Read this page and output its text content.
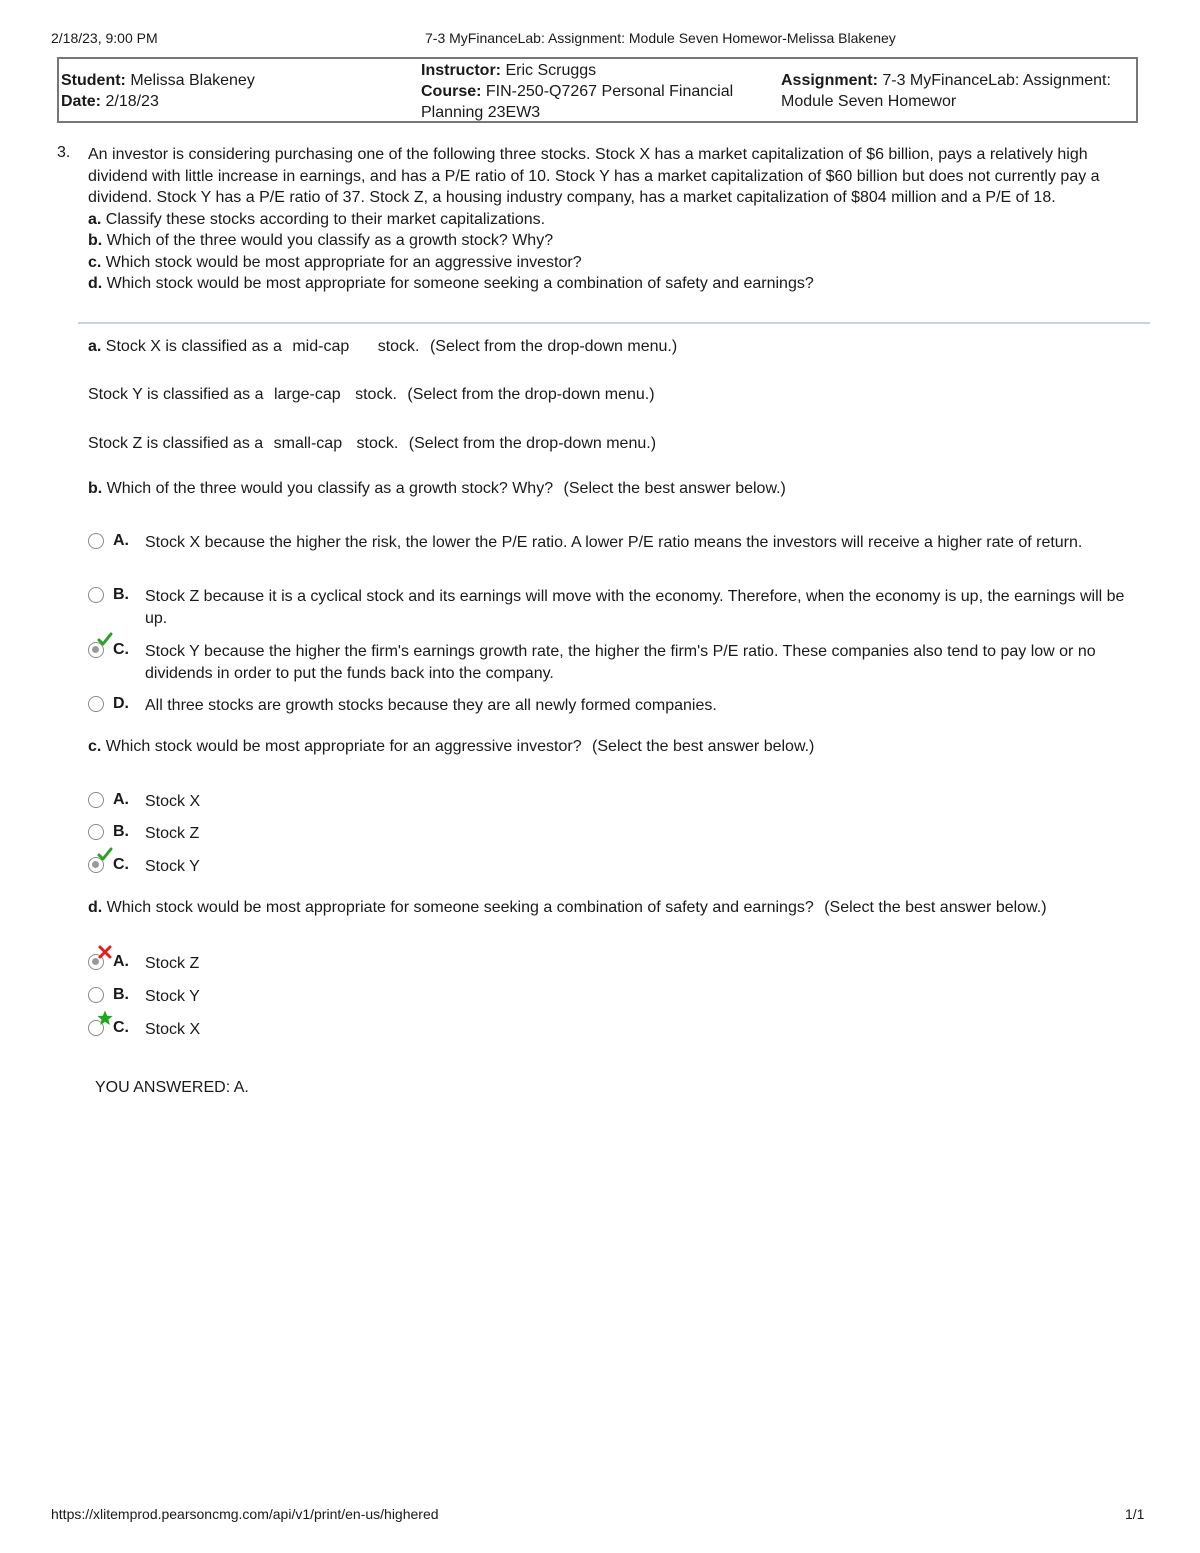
2/18/23, 9:00 PM	7-3 MyFinanceLab: Assignment: Module Seven Homewor-Melissa Blakeney
Student: Melissa Blakeney
Date: 2/18/23
Instructor: Eric Scruggs
Course: FIN-250-Q7267 Personal Financial Planning 23EW3
Assignment: 7-3 MyFinanceLab: Assignment: Module Seven Homewor
3. An investor is considering purchasing one of the following three stocks. Stock X has a market capitalization of $6 billion, pays a relatively high dividend with little increase in earnings, and has a P/E ratio of 10. Stock Y has a market capitalization of $60 billion but does not currently pay a dividend. Stock Y has a P/E ratio of 37. Stock Z, a housing industry company, has a market capitalization of $804 million and a P/E of 18.
a. Classify these stocks according to their market capitalizations.
b. Which of the three would you classify as a growth stock? Why?
c. Which stock would be most appropriate for an aggressive investor?
d. Which stock would be most appropriate for someone seeking a combination of safety and earnings?
a. Stock X is classified as a mid-cap stock. (Select from the drop-down menu.)
Stock Y is classified as a large-cap stock. (Select from the drop-down menu.)
Stock Z is classified as a small-cap stock. (Select from the drop-down menu.)
b. Which of the three would you classify as a growth stock? Why? (Select the best answer below.)
A. Stock X because the higher the risk, the lower the P/E ratio. A lower P/E ratio means the investors will receive a higher rate of return.
B. Stock Z because it is a cyclical stock and its earnings will move with the economy. Therefore, when the economy is up, the earnings will be up.
C. Stock Y because the higher the firm's earnings growth rate, the higher the firm's P/E ratio. These companies also tend to pay low or no dividends in order to put the funds back into the company.
D. All three stocks are growth stocks because they are all newly formed companies.
c. Which stock would be most appropriate for an aggressive investor? (Select the best answer below.)
A. Stock X
B. Stock Z
C. Stock Y
d. Which stock would be most appropriate for someone seeking a combination of safety and earnings? (Select the best answer below.)
A. Stock Z
B. Stock Y
C. Stock X
YOU ANSWERED: A.
https://xlitemprod.pearsoncmg.com/api/v1/print/en-us/highered	1/1
